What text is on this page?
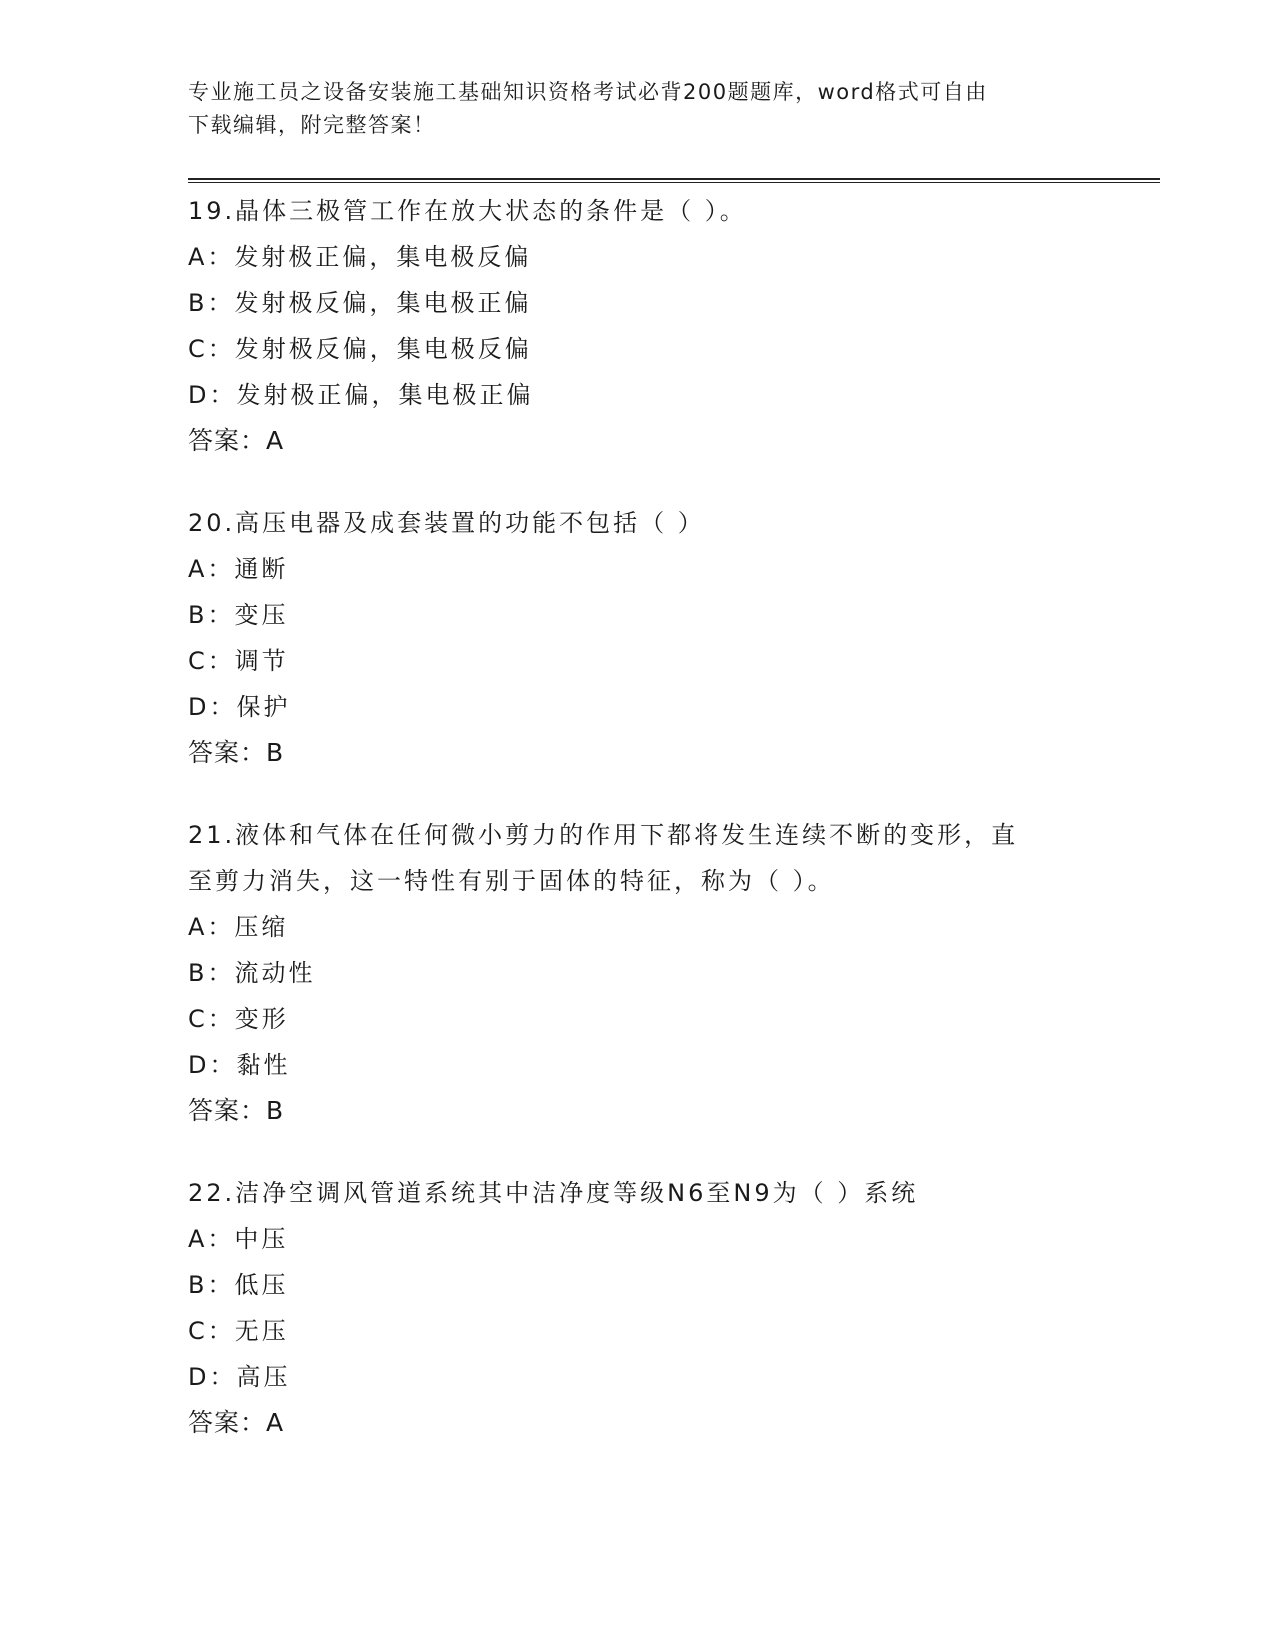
专业施工员之设备安装施工基础知识资格考试必背200题题库，word格式可自由
下载编辑，附完整答案！
19.晶体三极管工作在放大状态的条件是（ ）。
A：发射极正偏，集电极反偏
B：发射极反偏，集电极正偏
C：发射极反偏，集电极反偏
D：发射极正偏，集电极正偏
答案：A
20.高压电器及成套装置的功能不包括（ ）
A：通断
B：变压
C：调节
D：保护
答案：B
21.液体和气体在任何微小剪力的作用下都将发生连续不断的变形，直
至剪力消失，这一特性有别于固体的特征，称为（ ）。
A：压缩
B：流动性
C：变形
D：黏性
答案：B
22.洁净空调风管道系统其中洁净度等级N6至N9为（ ）系统
A：中压
B：低压
C：无压
D：高压
答案：A
